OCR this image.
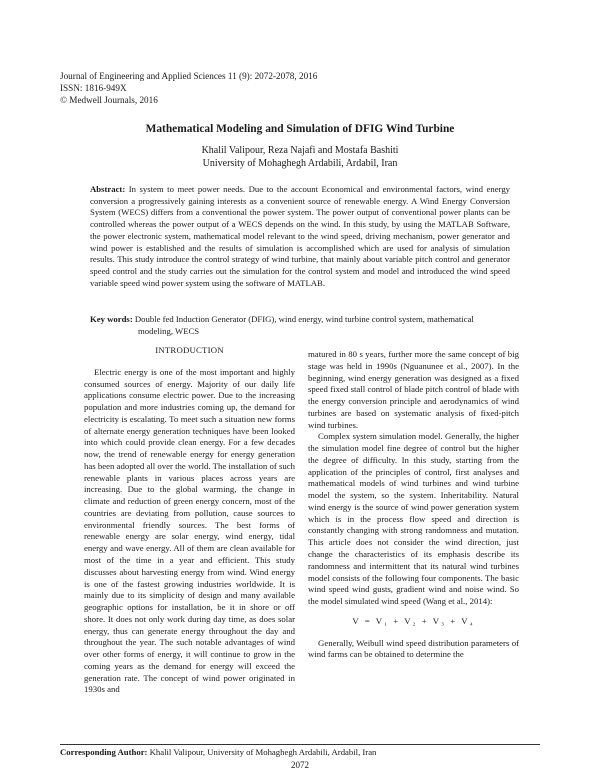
Journal of Engineering and Applied Sciences 11 (9): 2072-2078, 2016
ISSN: 1816-949X
© Medwell Journals, 2016
Mathematical Modeling and Simulation of DFIG Wind Turbine
Khalil Valipour, Reza Najafi and Mostafa Bashiti
University of Mohaghegh Ardabili, Ardabil, Iran
Abstract: In system to meet power needs. Due to the account Economical and environmental factors, wind energy conversion a progressively gaining interests as a convenient source of renewable energy. A Wind Energy Conversion System (WECS) differs from a conventional the power system. The power output of conventional power plants can be controlled whereas the power output of a WECS depends on the wind. In this study, by using the MATLAB Software, the power electronic system, mathematical model relevant to the wind speed, driving mechanism, power generator and wind power is established and the results of simulation is accomplished which are used for analysis of simulation results. This study introduce the control strategy of wind turbine, that mainly about variable pitch control and generator speed control and the study carries out the simulation for the control system and model and introduced the wind speed variable speed wind power system using the software of MATLAB.
Key words: Double fed Induction Generator (DFIG), wind energy, wind turbine control system, mathematical
modeling, WECS

INTRODUCTION

Electric energy is one of the most important and highly consumed sources of energy. Majority of our daily life applications consume electric power. Due to the increasing population and more industries coming up, the demand for electricity is escalating. To meet such a situation new forms of alternate energy generation techniques have been looked into which could provide clean energy. For a few decades now, the trend of renewable energy for energy generation has been adopted all over the world. The installation of such renewable plants in various places across years are increasing. Due to the global warming, the change in climate and reduction of green energy concern, most of the countries are deviating from pollution, cause sources to environmental friendly sources. The best forms of renewable energy are solar energy, wind energy, tidal energy and wave energy. All of them are clean available for most of the time in a year and efficient. This study discusses about harvesting energy from wind. Wind energy is one of the fastest growing industries worldwide. It is mainly due to its simplicity of design and many available geographic options for installation, be it in shore or off shore. It does not only work during day time, as does solar energy, thus can generate energy throughout the day and throughout the year. The such notable advantages of wind over other forms of energy, it will continue to grow in the coming years as the demand for energy will exceed the generation rate. The concept of wind power originated in 1930s and

matured in 80 s years, further more the same concept of big stage was held in 1990s (Nguanunee et al., 2007). In the beginning, wind energy generation was designed as a fixed speed fixed stall control of blade pitch control of blade with the energy conversion principle and aerodynamics of wind turbines are based on systematic analysis of fixed-pitch wind turbines.

Complex system simulation model. Generally, the higher the simulation model fine degree of control but the higher the degree of difficulty. In this study, starting from the application of the principles of control, first analyses and mathematical models of wind turbines and wind turbine model the system, so the system. Inheritability. Natural wind energy is the source of wind power generation system which is in the process flow speed and direction is constantly changing with strong randomness and mutation. This article does not consider the wind direction, just change the characteristics of its emphasis describe its randomness and intermittent that its natural wind turbines model consists of the following four components. The basic wind speed wind gusts, gradient wind and noise wind. So the model simulated wind speed (Wang et al., 2014):

V = V₁ + V₂ + V₃ + V₄

Generally, Weibull wind speed distribution parameters of wind farms can be obtained to determine the

Corresponding Author: Khalil Valipour, University of Mohaghegh Ardabili, Ardabil, Iran
2072
